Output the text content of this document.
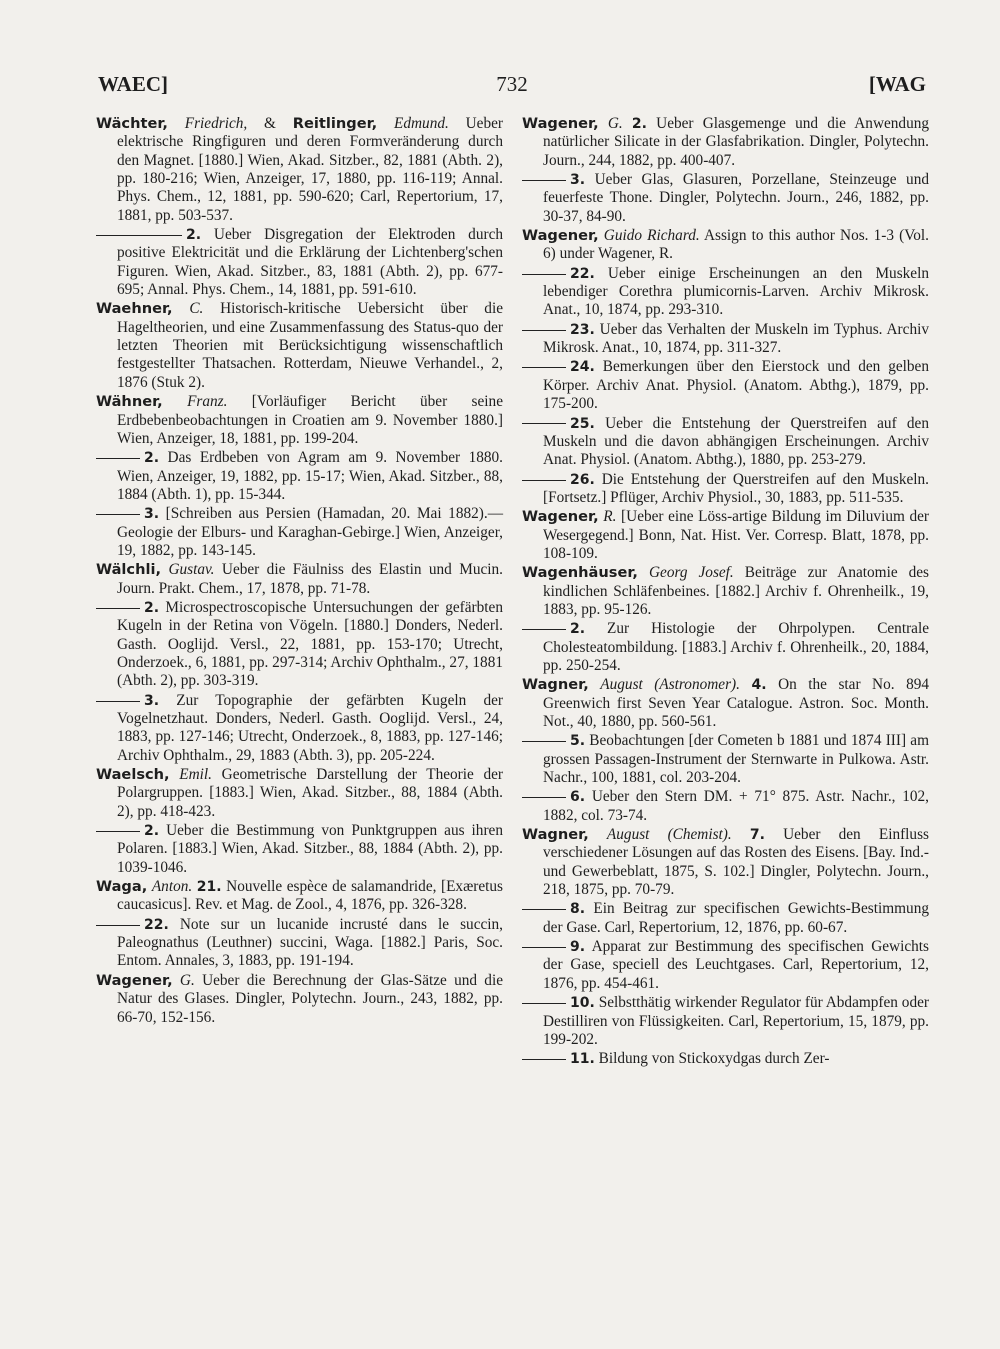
WAEC]	732	[WAG

Wächter, Friedrich, & Reitlinger, Edmund. Ueber elektrische Ringfiguren und deren Formveränderung durch den Magnet. [1880.] Wien, Akad. Sitzber., 82, 1881 (Abth. 2), pp. 180-216; Wien, Anzeiger, 17, 1880, pp. 116-119; Annal. Phys. Chem., 12, 1881, pp. 590-620; Carl, Repertorium, 17, 1881, pp. 503-537.

2. Ueber Disgregation der Elektroden durch positive Elektricität und die Erklärung der Lichtenberg'schen Figuren. Wien, Akad. Sitzber., 83, 1881 (Abth. 2), pp. 677-695; Annal. Phys. Chem., 14, 1881, pp. 591-610.

Waehner, C. Historisch-kritische Uebersicht über die Hageltheorien, und eine Zusammenfassung des Status-quo der letzten Theorien mit Berücksichtigung wissenschaftlich festgestellter Thatsachen. Rotterdam, Nieuwe Verhandel., 2, 1876 (Stuk 2).

Wähner, Franz. [Vorläufiger Bericht über seine Erdbebenbeobachtungen in Croatien am 9. November 1880.] Wien, Anzeiger, 18, 1881, pp. 199-204.

2. Das Erdbeben von Agram am 9. November 1880. Wien, Anzeiger, 19, 1882, pp. 15-17; Wien, Akad. Sitzber., 88, 1884 (Abth. 1), pp. 15-344.

3. [Schreiben aus Persien (Hamadan, 20. Mai 1882).—Geologie der Elburs- und Karaghan-Gebirge.] Wien, Anzeiger, 19, 1882, pp. 143-145.

Wälchli, Gustav. Ueber die Fäulniss des Elastin und Mucin. Journ. Prakt. Chem., 17, 1878, pp. 71-78.

2. Microspectroscopische Untersuchungen der gefärbten Kugeln in der Retina von Vögeln. [1880.] Donders, Nederl. Gasth. Ooglijd. Versl., 22, 1881, pp. 153-170; Utrecht, Onderzoek., 6, 1881, pp. 297-314; Archiv Ophthalm., 27, 1881 (Abth. 2), pp. 303-319.

3. Zur Topographie der gefärbten Kugeln der Vogelnetzhaut. Donders, Nederl. Gasth. Ooglijd. Versl., 24, 1883, pp. 127-146; Utrecht, Onderzoek., 8, 1883, pp. 127-146; Archiv Ophthalm., 29, 1883 (Abth. 3), pp. 205-224.

Waelsch, Emil. Geometrische Darstellung der Theorie der Polargruppen. [1883.] Wien, Akad. Sitzber., 88, 1884 (Abth. 2), pp. 418-423.

2. Ueber die Bestimmung von Punktgruppen aus ihren Polaren. [1883.] Wien, Akad. Sitzber., 88, 1884 (Abth. 2), pp. 1039-1046.

Waga, Anton. 21. Nouvelle espèce de salamandride, [Exæretus caucasicus]. Rev. et Mag. de Zool., 4, 1876, pp. 326-328.

22. Note sur un lucanide incrusté dans le succin, Paleognathus (Leuthner) succini, Waga. [1882.] Paris, Soc. Entom. Annales, 3, 1883, pp. 191-194.

Wagener, G. Ueber die Berechnung der Glas-Sätze und die Natur des Glases. Dingler, Polytechn. Journ., 243, 1882, pp. 66-70, 152-156.

Wagener, G. 2. Ueber Glasgemenge und die Anwendung natürlicher Silicate in der Glasfabrikation. Dingler, Polytechn. Journ., 244, 1882, pp. 400-407.

3. Ueber Glas, Glasuren, Porzellane, Steinzeuge und feuerfeste Thone. Dingler, Polytechn. Journ., 246, 1882, pp. 30-37, 84-90.

Wagener, Guido Richard. Assign to this author Nos. 1-3 (Vol. 6) under Wagener, R.

22. Ueber einige Erscheinungen an den Muskeln lebendiger Corethra plumicornis-Larven. Archiv Mikrosk. Anat., 10, 1874, pp. 293-310.

23. Ueber das Verhalten der Muskeln im Typhus. Archiv Mikrosk. Anat., 10, 1874, pp. 311-327.

24. Bemerkungen über den Eierstock und den gelben Körper. Archiv Anat. Physiol. (Anatom. Abthg.), 1879, pp. 175-200.

25. Ueber die Entstehung der Querstreifen auf den Muskeln und die davon abhängigen Erscheinungen. Archiv Anat. Physiol. (Anatom. Abthg.), 1880, pp. 253-279.

26. Die Entstehung der Querstreifen auf den Muskeln. [Fortsetz.] Pflüger, Archiv Physiol., 30, 1883, pp. 511-535.

Wagener, R. [Ueber eine Löss-artige Bildung im Diluvium der Wesergegend.] Bonn, Nat. Hist. Ver. Corresp. Blatt, 1878, pp. 108-109.

Wagenhäuser, Georg Josef. Beiträge zur Anatomie des kindlichen Schläfenbeines. [1882.] Archiv f. Ohrenheilk., 19, 1883, pp. 95-126.

2. Zur Histologie der Ohrpolypen. Centrale Cholesteatombildung. [1883.] Archiv f. Ohrenheilk., 20, 1884, pp. 250-254.

Wagner, August (Astronomer). 4. On the star No. 894 Greenwich first Seven Year Catalogue. Astron. Soc. Month. Not., 40, 1880, pp. 560-561.

5. Beobachtungen [der Cometen b 1881 und 1874 III] am grossen Passagen-Instrument der Sternwarte in Pulkowa. Astr. Nachr., 100, 1881, col. 203-204.

6. Ueber den Stern DM. + 71° 875. Astr. Nachr., 102, 1882, col. 73-74.

Wagner, August (Chemist). 7. Ueber den Einfluss verschiedener Lösungen auf das Rosten des Eisens. [Bay. Ind.- und Gewerbeblatt, 1875, S. 102.] Dingler, Polytechn. Journ., 218, 1875, pp. 70-79.

8. Ein Beitrag zur specifischen Gewichts-Bestimmung der Gase. Carl, Repertorium, 12, 1876, pp. 60-67.

9. Apparat zur Bestimmung des specifischen Gewichts der Gase, speciell des Leuchtgases. Carl, Repertorium, 12, 1876, pp. 454-461.

10. Selbstthätig wirkender Regulator für Abdampfen oder Destilliren von Flüssigkeiten. Carl, Repertorium, 15, 1879, pp. 199-202.

11. Bildung von Stickoxydgas durch Zer-
